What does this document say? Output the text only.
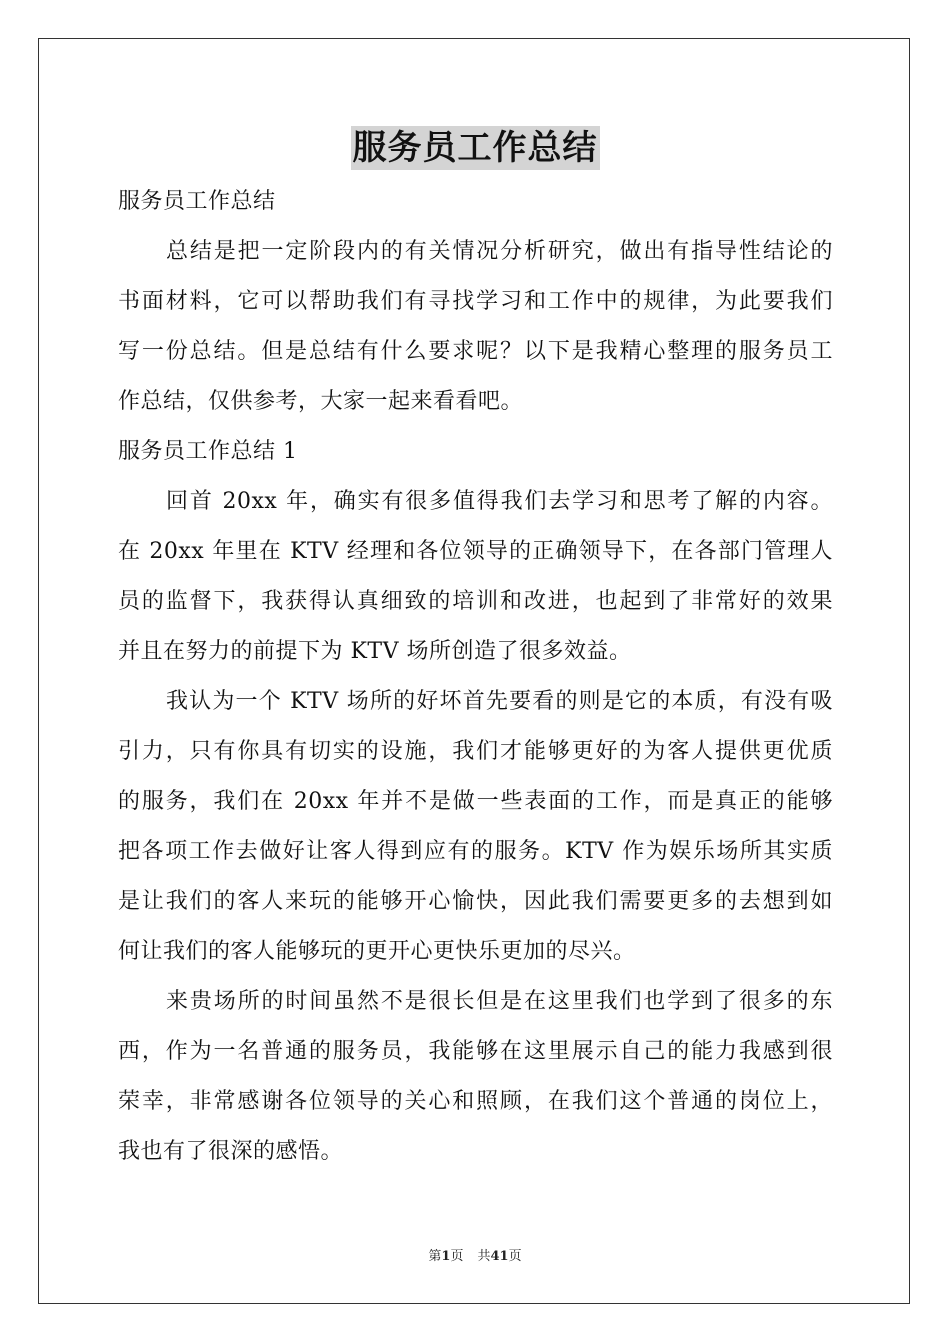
服务员工作总结
服务员工作总结
总结是把一定阶段内的有关情况分析研究，做出有指导性结论的
书面材料，它可以帮助我们有寻找学习和工作中的规律，为此要我们
写一份总结。但是总结有什么要求呢？以下是我精心整理的服务员工
作总结，仅供参考，大家一起来看看吧。
服务员工作总结 1
回首 20xx 年，确实有很多值得我们去学习和思考了解的内容。
在 20xx 年里在 KTV 经理和各位领导的正确领导下，在各部门管理人
员的监督下，我获得认真细致的培训和改进，也起到了非常好的效果
并且在努力的前提下为 KTV 场所创造了很多效益。
我认为一个 KTV 场所的好坏首先要看的则是它的本质，有没有吸
引力，只有你具有切实的设施，我们才能够更好的为客人提供更优质
的服务，我们在 20xx 年并不是做一些表面的工作，而是真正的能够
把各项工作去做好让客人得到应有的服务。KTV 作为娱乐场所其实质
是让我们的客人来玩的能够开心愉快，因此我们需要更多的去想到如
何让我们的客人能够玩的更开心更快乐更加的尽兴。
来贵场所的时间虽然不是很长但是在这里我们也学到了很多的东
西，作为一名普通的服务员，我能够在这里展示自己的能力我感到很
荣幸，非常感谢各位领导的关心和照顾，在我们这个普通的岗位上，
我也有了很深的感悟。
第1页 共41页
